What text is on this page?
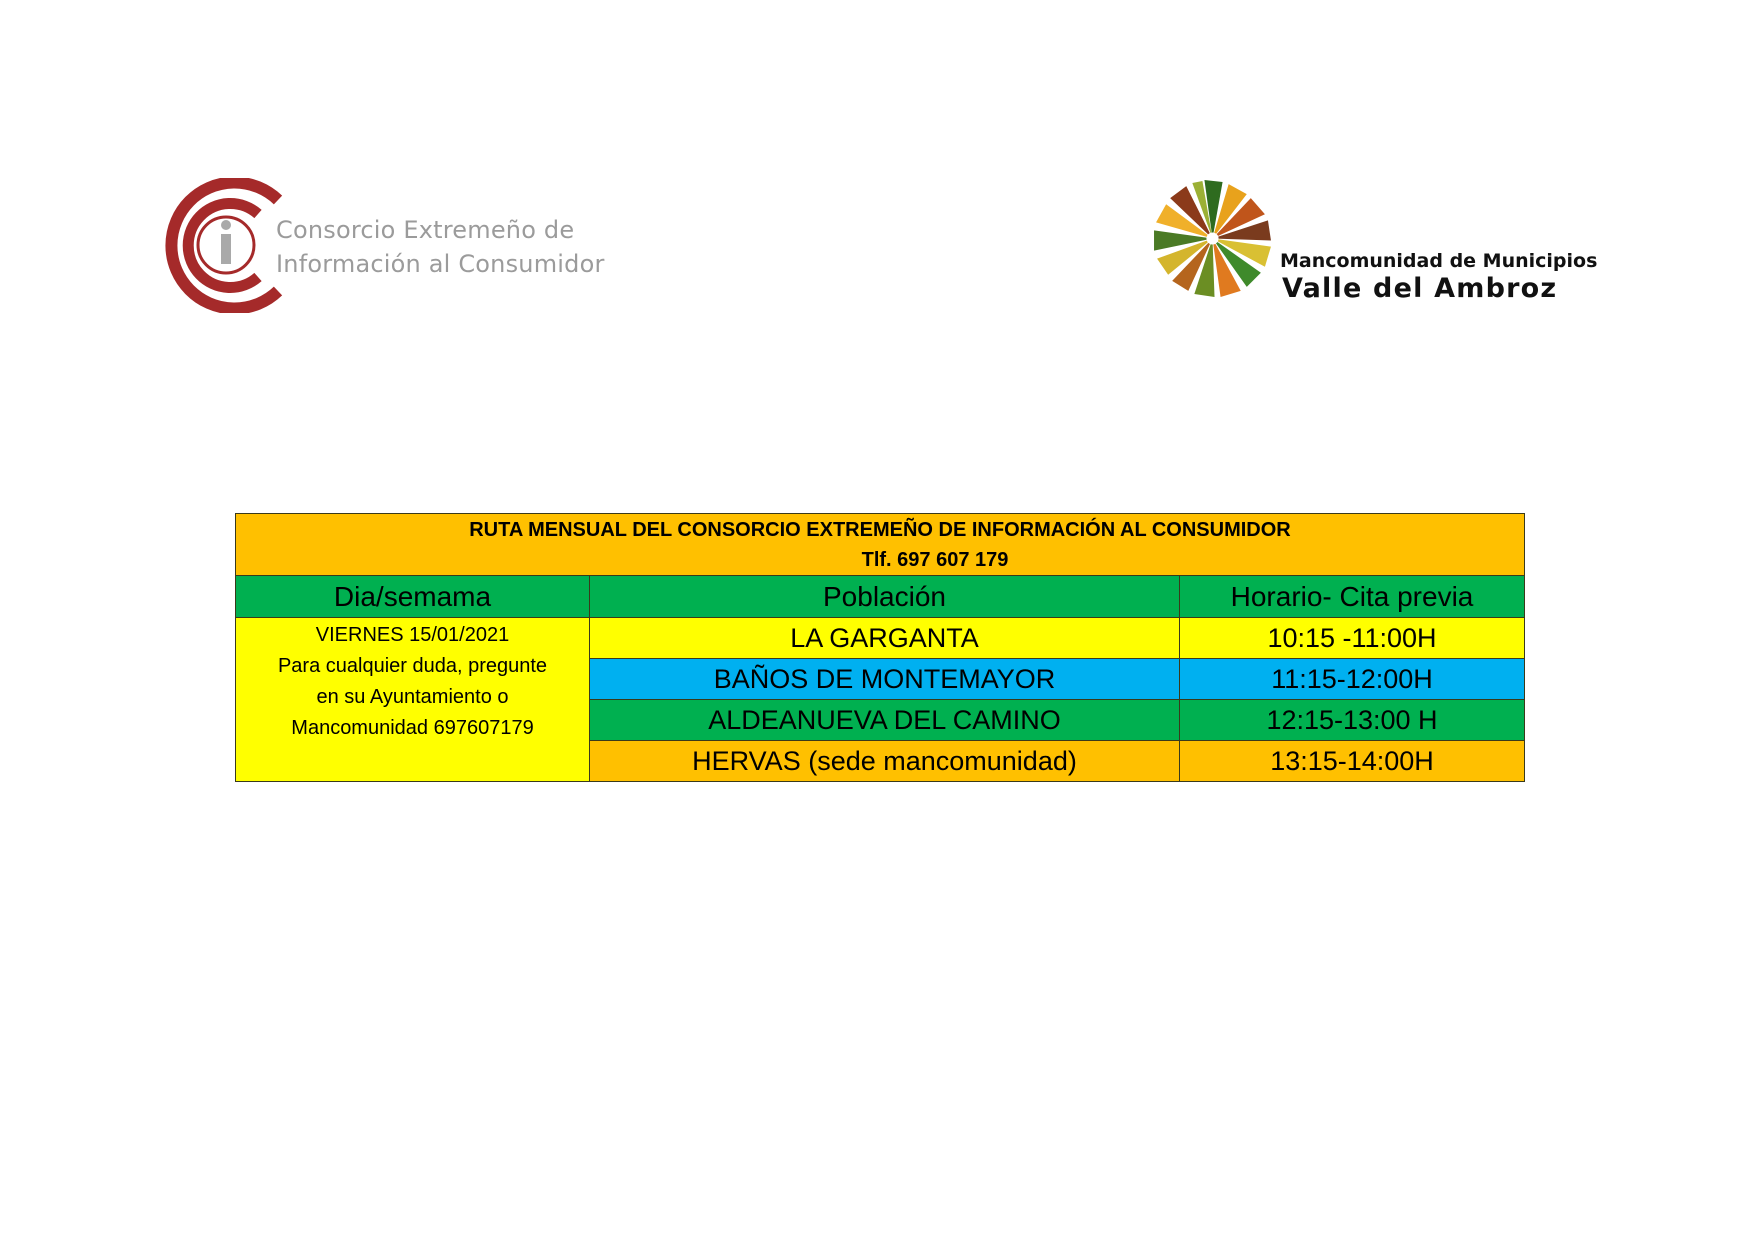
Consorcio Extremeño de
Información al Consumidor	Mancomunidad de Municipios
Valle del Ambroz
RUTA MENSUAL DEL CONSORCIO EXTREMEÑO DE INFORMACIÓN AL CONSUMIDOR
Tlf. 697 607 179		

Dia/semama	Población	Horario- Cita previa

VIERNES 15/01/2021
Para cualquier duda, pregunte
en su Ayuntamiento o
Mancomunidad 697607179	LA GARGANTA	10:15 -11:00H
	BAÑOS DE MONTEMAYOR	11:15-12:00H
	ALDEANUEVA DEL CAMINO	12:15-13:00 H
	HERVAS (sede mancomunidad)	13:15-14:00H
